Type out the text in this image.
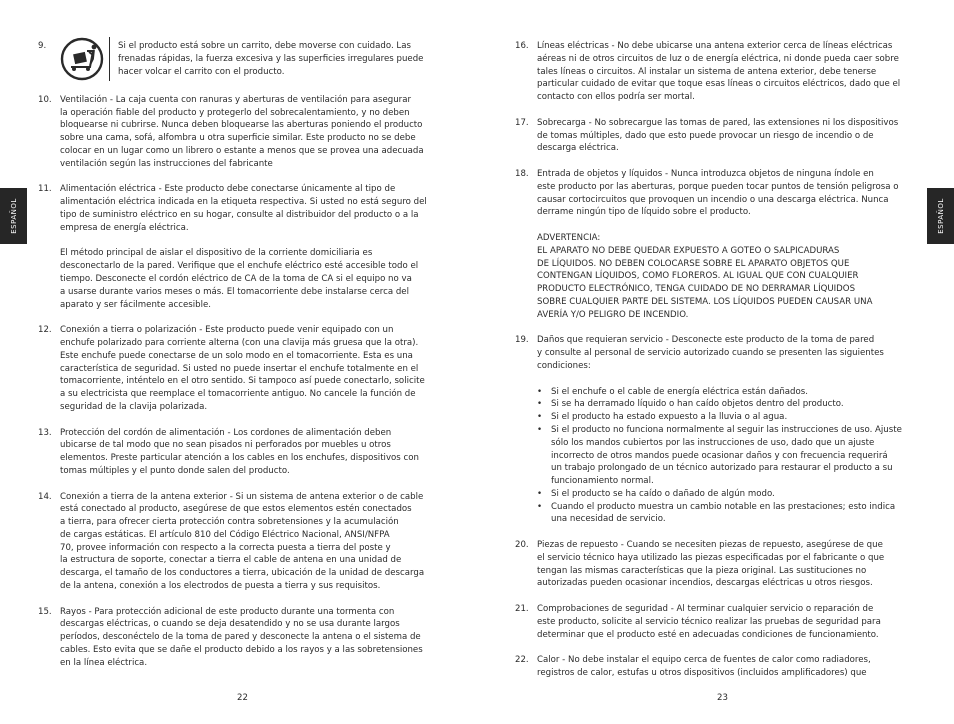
ESPAÑOL
9.	Si el producto está sobre un carrito, debe moverse con cuidado. Las
frenadas rápidas, la fuerza excesiva y las superficies irregulares puede
hacer volcar el carrito con el producto.

10. Ventilación - La caja cuenta con ranuras y aberturas de ventilación para asegurar
la operación fiable del producto y protegerlo del sobrecalentamiento, y no deben
bloquearse ni cubrirse. Nunca deben bloquearse las aberturas poniendo el producto
sobre una cama, sofá, alfombra u otra superficie similar. Este producto no se debe
colocar en un lugar como un librero o estante a menos que se provea una adecuada
ventilación según las instrucciones del fabricante

11. Alimentación eléctrica - Este producto debe conectarse únicamente al tipo de
alimentación eléctrica indicada en la etiqueta respectiva. Si usted no está seguro del
tipo de suministro eléctrico en su hogar, consulte al distribuidor del producto o a la
empresa de energía eléctrica.

El método principal de aislar el dispositivo de la corriente domiciliaria es
desconectarlo de la pared. Verifique que el enchufe eléctrico esté accesible todo el
tiempo. Desconecte el cordón eléctrico de CA de la toma de CA si el equipo no va
a usarse durante varios meses o más. El tomacorriente debe instalarse cerca del
aparato y ser fácilmente accesible.

12. Conexión a tierra o polarización - Este producto puede venir equipado con un
enchufe polarizado para corriente alterna (con una clavija más gruesa que la otra).
Este enchufe puede conectarse de un solo modo en el tomacorriente. Esta es una
característica de seguridad. Si usted no puede insertar el enchufe totalmente en el
tomacorriente, inténtelo en el otro sentido. Si tampoco así puede conectarlo, solicite
a su electricista que reemplace el tomacorriente antiguo. No cancele la función de
seguridad de la clavija polarizada.

13. Protección del cordón de alimentación - Los cordones de alimentación deben
ubicarse de tal modo que no sean pisados ni perforados por muebles u otros
elementos. Preste particular atención a los cables en los enchufes, dispositivos con
tomas múltiples y el punto donde salen del producto.

14. Conexión a tierra de la antena exterior - Si un sistema de antena exterior o de cable
está conectado al producto, asegúrese de que estos elementos estén conectados
a tierra, para ofrecer cierta protección contra sobretensiones y la acumulación
de cargas estáticas. El artículo 810 del Código Eléctrico Nacional, ANSI/NFPA
70, provee información con respecto a la correcta puesta a tierra del poste y
la estructura de soporte, conectar a tierra el cable de antena en una unidad de
descarga, el tamaño de los conductores a tierra, ubicación de la unidad de descarga
de la antena, conexión a los electrodos de puesta a tierra y sus requisitos.

15. Rayos - Para protección adicional de este producto durante una tormenta con
descargas eléctricas, o cuando se deja desatendido y no se usa durante largos
períodos, desconéctelo de la toma de pared y desconecte la antena o el sistema de
cables. Esto evita que se dañe el producto debido a los rayos y a las sobretensiones
en la línea eléctrica.

22
ESPAÑOL
16. Líneas eléctricas - No debe ubicarse una antena exterior cerca de líneas eléctricas
aéreas ni de otros circuitos de luz o de energía eléctrica, ni donde pueda caer sobre
tales líneas o circuitos. Al instalar un sistema de antena exterior, debe tenerse
particular cuidado de evitar que toque esas líneas o circuitos eléctricos, dado que el
contacto con ellos podría ser mortal.

17. Sobrecarga - No sobrecargue las tomas de pared, las extensiones ni los dispositivos
de tomas múltiples, dado que esto puede provocar un riesgo de incendio o de
descarga eléctrica.

18. Entrada de objetos y líquidos - Nunca introduzca objetos de ninguna índole en
este producto por las aberturas, porque pueden tocar puntos de tensión peligrosa o
causar cortocircuitos que provoquen un incendio o una descarga eléctrica. Nunca
derrame ningún tipo de líquido sobre el producto.

ADVERTENCIA:
EL APARATO NO DEBE QUEDAR EXPUESTO A GOTEO O SALPICADURAS
DE LÍQUIDOS. NO DEBEN COLOCARSE SOBRE EL APARATO OBJETOS QUE
CONTENGAN LÍQUIDOS, COMO FLOREROS. AL IGUAL QUE CON CUALQUIER
PRODUCTO ELECTRÓNICO, TENGA CUIDADO DE NO DERRAMAR LÍQUIDOS
SOBRE CUALQUIER PARTE DEL SISTEMA. LOS LÍQUIDOS PUEDEN CAUSAR UNA
AVERÍA Y/O PELIGRO DE INCENDIO.

19. Daños que requieran servicio - Desconecte este producto de la toma de pared
y consulte al personal de servicio autorizado cuando se presenten las siguientes
condiciones:

•	Si el enchufe o el cable de energía eléctrica están dañados.

•	Si se ha derramado líquido o han caído objetos dentro del producto.

•	Si el producto ha estado expuesto a la lluvia o al agua.

•	Si el producto no funciona normalmente al seguir las instrucciones de uso. Ajuste
sólo los mandos cubiertos por las instrucciones de uso, dado que un ajuste
incorrecto de otros mandos puede ocasionar daños y con frecuencia requerirá
un trabajo prolongado de un técnico autorizado para restaurar el producto a su
funcionamiento normal.

•	Si el producto se ha caído o dañado de algún modo.

•	Cuando el producto muestra un cambio notable en las prestaciones; esto indica
una necesidad de servicio.

20. Piezas de repuesto - Cuando se necesiten piezas de repuesto, asegúrese de que
el servicio técnico haya utilizado las piezas especificadas por el fabricante o que
tengan las mismas características que la pieza original. Las sustituciones no
autorizadas pueden ocasionar incendios, descargas eléctricas u otros riesgos.

21. Comprobaciones de seguridad - Al terminar cualquier servicio o reparación de
este producto, solicite al servicio técnico realizar las pruebas de seguridad para
determinar que el producto esté en adecuadas condiciones de funcionamiento.

22. Calor - No debe instalar el equipo cerca de fuentes de calor como radiadores,
registros de calor, estufas u otros dispositivos (incluidos amplificadores) que

23
